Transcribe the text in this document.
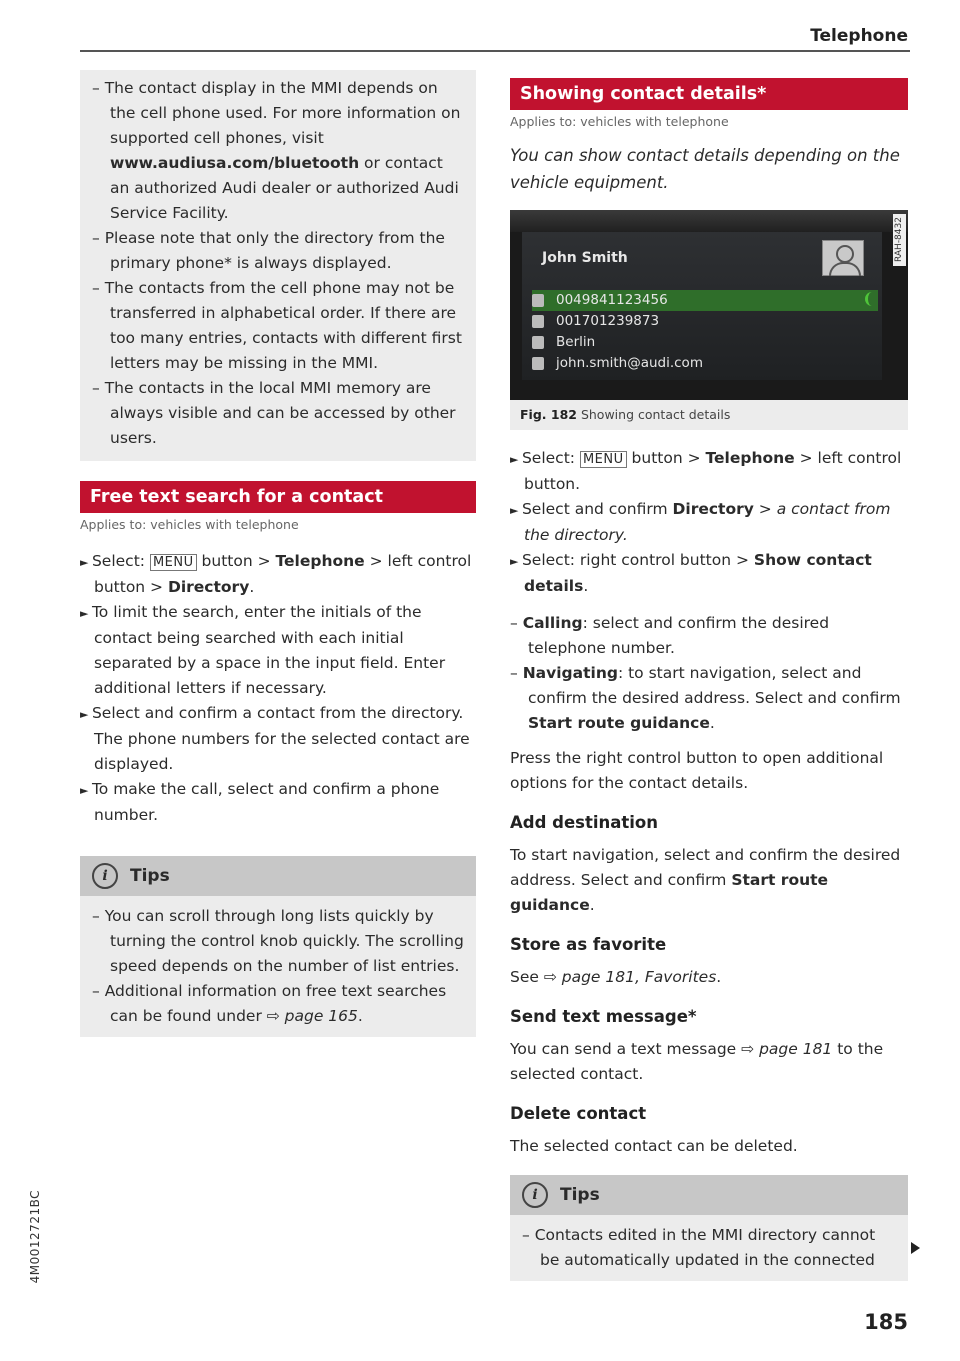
Telephone

– The contact display in the MMI depends on the cell phone used. For more information on supported cell phones, visit www.audiusa.com/bluetooth or contact an authorized Audi dealer or authorized Audi Service Facility.

– Please note that only the directory from the primary phone* is always displayed.

– The contacts from the cell phone may not be transferred in alphabetical order. If there are too many entries, contacts with different first letters may be missing in the MMI.

– The contacts in the local MMI memory are always visible and can be accessed by other users.

Free text search for a contact
Applies to: vehicles with telephone

► Select: MENU button > Telephone > left control button > Directory.

► To limit the search, enter the initials of the contact being searched with each initial separated by a space in the input field. Enter additional letters if necessary.

► Select and confirm a contact from the directory. The phone numbers for the selected contact are displayed.

► To make the call, select and confirm a phone number.

i	Tips

– You can scroll through long lists quickly by turning the control knob quickly. The scrolling speed depends on the number of list entries.

– Additional information on free text searches can be found under ⇨ page 165.

Showing contact details*
Applies to: vehicles with telephone
You can show contact details depending on the vehicle equipment.
John Smith
0049841123456
001701239873
Berlin
john.smith@audi.com
RAH-8432
Fig. 182 Showing contact details

► Select: MENU button > Telephone > left control button.

► Select and confirm Directory > a contact from the directory.

► Select: right control button > Show contact details.

– Calling: select and confirm the desired telephone number.

– Navigating: to start navigation, select and confirm the desired address. Select and confirm Start route guidance.

Press the right control button to open additional options for the contact details.

Add destination

To start navigation, select and confirm the desired address. Select and confirm Start route guidance.

Store as favorite

See ⇨ page 181, Favorites.

Send text message*

You can send a text message ⇨ page 181 to the selected contact.

Delete contact

The selected contact can be deleted.

i	Tips

– Contacts edited in the MMI directory cannot be automatically updated in the connected

4M0012721BC
185
